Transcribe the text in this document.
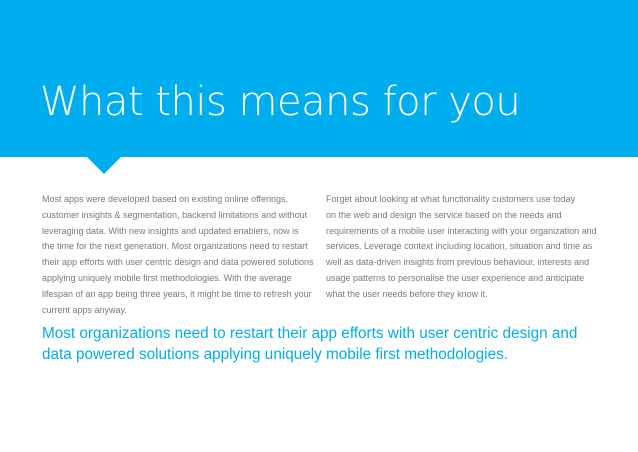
What this means for you
Most apps were developed based on existing online offerings,
customer insights & segmentation, backend limitations and without
leveraging data. With new insights and updated enablers, now is
the time for the next generation. Most organizations need to restart
their app efforts with user centric design and data powered solutions
applying uniquely mobile first methodologies. With the average
lifespan of an app being three years, it might be time to refresh your
current apps anyway.
Forget about looking at what functionality customers use today
on the web and design the service based on the needs and
requirements of a mobile user interacting with your organization and
services. Leverage context including location, situation and time as
well as data-driven insights from previous behaviour, interests and
usage patterns to personalise the user experience and anticipate
what the user needs before they know it.
Most organizations need to restart their app efforts with user centric design and
data powered solutions applying uniquely mobile first methodologies.
